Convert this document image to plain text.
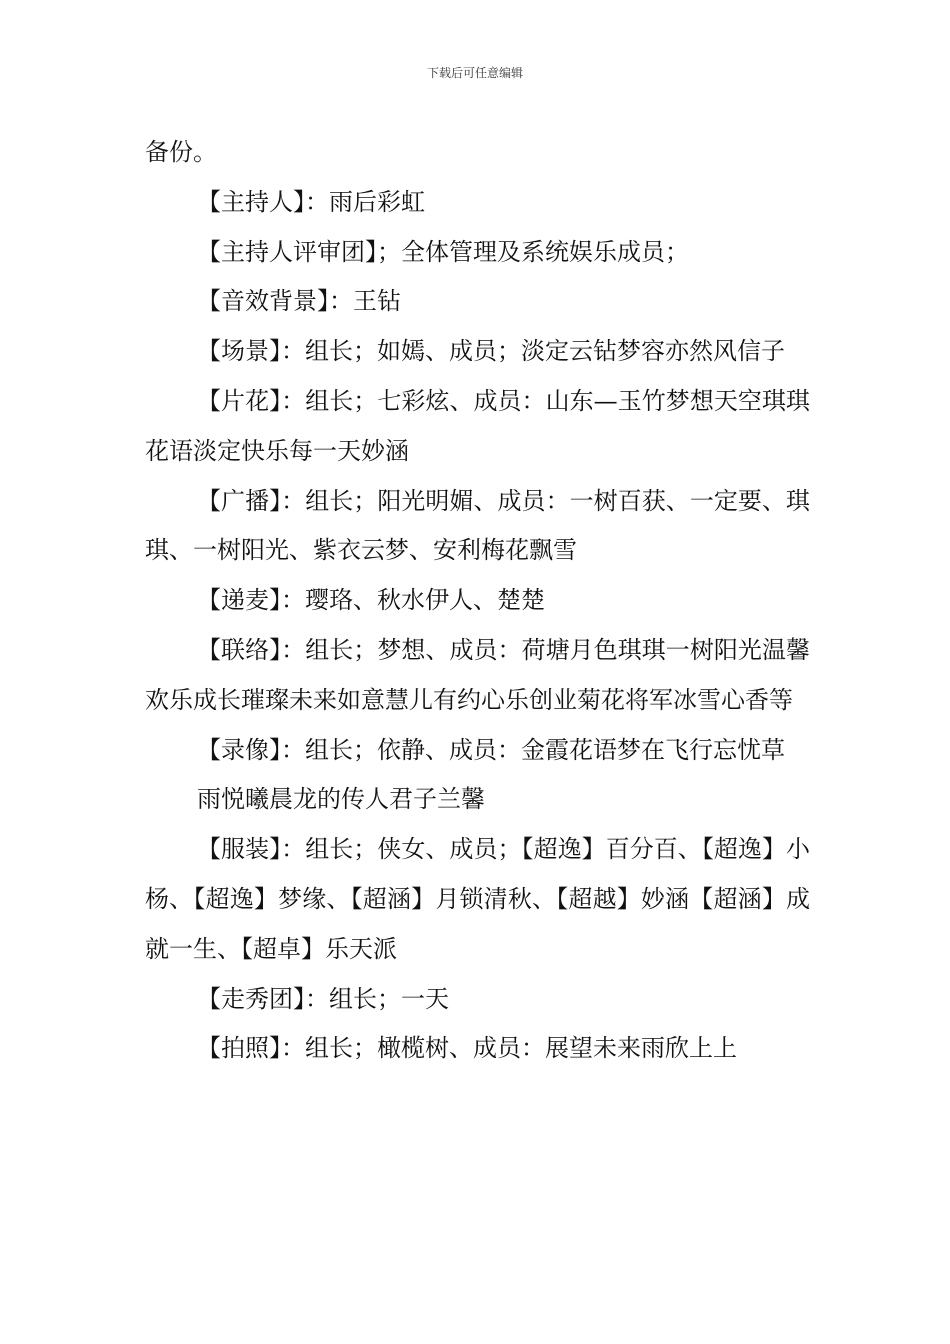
下载后可任意编辑

备份。

【主持人】：雨后彩虹

【主持人评审团】；全体管理及系统娱乐成员；

【音效背景】：王钻

【场景】：组长；如嫣、成员；淡定云钻梦容亦然风信子

【片花】：组长；七彩炫、成员：山东—玉竹梦想天空琪琪花语淡定快乐每一天妙涵

【广播】：组长；阳光明媚、成员：一树百获、一定要、琪琪、一树阳光、紫衣云梦、安利梅花飘雪

【递麦】：璎珞、秋水伊人、楚楚

【联络】：组长；梦想、成员：荷塘月色琪琪一树阳光温馨欢乐成长璀璨未来如意慧儿有约心乐创业菊花将军冰雪心香等

【录像】：组长；依静、成员：金霞花语梦在飞行忘忧草

雨悦曦晨龙的传人君子兰馨

【服装】：组长；侠女、成员；【超逸】百分百、【超逸】小杨、【超逸】梦缘、【超涵】月锁清秋、【超越】妙涵【超涵】成就一生、【超卓】乐天派

【走秀团】：组长；一天

【拍照】：组长；橄榄树、成员：展望未来雨欣上上
